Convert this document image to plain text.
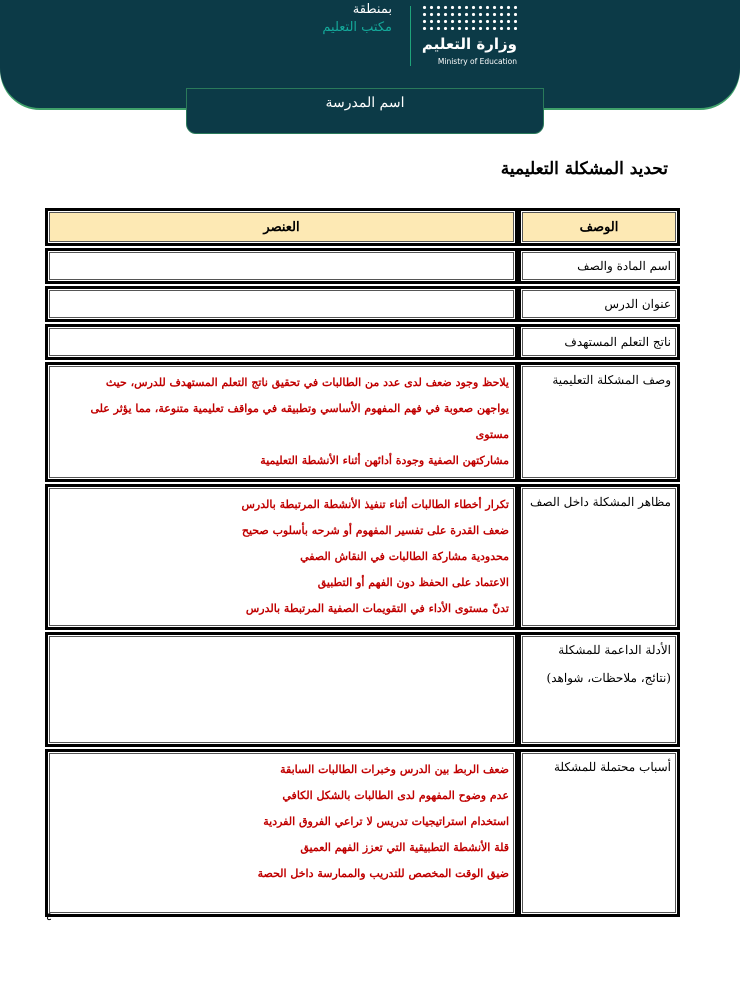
وزارة التعليم
Ministry of Education
بمنطقة
مكتب التعليم
اسم المدرسة
تحديد المشكلة التعليمية
الوصف
العنصر
اسم المادة والصف
عنوان الدرس
ناتج التعلم المستهدف
وصف المشكلة التعليمية
يلاحظ وجود ضعف لدى عدد من الطالبات في تحقيق ناتج التعلم المستهدف للدرس، حيث
يواجهن صعوبة في فهم المفهوم الأساسي وتطبيقه في مواقف تعليمية متنوعة، مما يؤثر على مستوى
مشاركتهن الصفية وجودة أدائهن أثناء الأنشطة التعليمية
مظاهر المشكلة داخل الصف
تكرار أخطاء الطالبات أثناء تنفيذ الأنشطة المرتبطة بالدرس
ضعف القدرة على تفسير المفهوم أو شرحه بأسلوب صحيح
محدودية مشاركة الطالبات في النقاش الصفي
الاعتماد على الحفظ دون الفهم أو التطبيق
تدنّ مستوى الأداء في التقويمات الصفية المرتبطة بالدرس
الأدلة الداعمة للمشكلة
(نتائج، ملاحظات، شواهد)
أسباب محتملة للمشكلة
ضعف الربط بين الدرس وخبرات الطالبات السابقة
عدم وضوح المفهوم لدى الطالبات بالشكل الكافي
استخدام استراتيجيات تدريس لا تراعي الفروق الفردية
قلة الأنشطة التطبيقية التي تعزز الفهم العميق
ضيق الوقت المخصص للتدريب والممارسة داخل الحصة
٤
